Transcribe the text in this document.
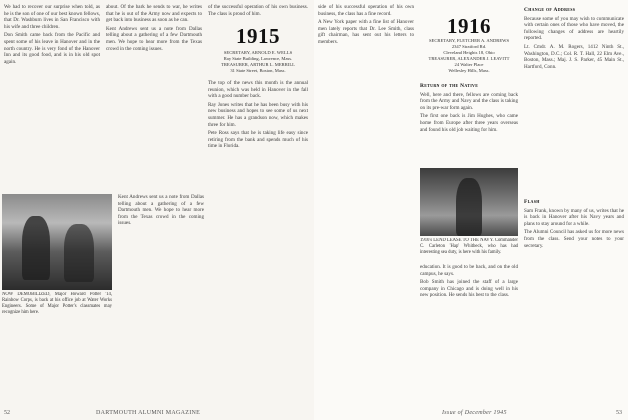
We had to recover our surprise when told, as he is the son of one of our best known fellows, that Dr. Washburn lives in San Francisco with his wife and three children.

Don Smith came back from the Pacific and spent some of his leave in Hanover and in the north country. He is very fond of the Hanover Inn and its good food, and is in his old spot again.

about. Of the bark he sends to war, he writes that he is out of the Army now and expects to get back into business as soon as he can.

Kent Andrews sent us a note from Dallas telling about a gathering of a few Dartmouth men. We hope to hear more from the Texas crowd in the coming issues.

of the successful operation of his own business. The class is proud of him.

1915
SECRETARY, ARNOLD E. WELLS
Ray State Building, Lawrence, Mass.
TREASURER, ARTHUR L. MERRILL
31 State Street, Boston, Mass.

The top of the news this month is the annual reunion, which was held in Hanover in the fall with a good number back.

Ray Jones writes that he has been busy with his new business and hopes to see some of us next summer. He has a grandson now, which makes three for him.

Pete Ross says that he is taking life easy since retiring from the bank and spends much of his time in Florida.

NOW DEMOBILIZED, Major Howard Potter '14, Rainbow Corps, is back at his office job at Water Works Engineers. Some of Major Potter's classmates may recognize him here.

Kent Andrews sent us a note from Dallas telling about a gathering of a few Dartmouth men. We hope to hear more from the Texas crowd in the coming issues.

DARTMOUTH ALUMNI MAGAZINE
52

side of his successful operation of his own business, the class has a fine record.

A New York paper with a fine list of Hanover men lately reports that Dr. Lee Smith, class gift chairman, has sent out his letters to members.

1916
SECRETARY, FLETCHER A. ANDREWS
2347 Stratford Rd.
Cleveland Heights 18, Ohio
TREASURER, ALEXANDER J. LEAVITT
24 Walter Place
Wellesley Hills, Mass.
Return of the Native

Well, here and there, fellows are coming back from the Army and Navy and the class is taking on its pre-war form again.

The first one back is Jim Hughes, who came home from Europe after three years overseas and found his old job waiting for him.

1916's LEND LEASE TO THE NAVY. Commander C. Carleton 'Hap' Whitbeck, who has had interesting sea duty, is here with his family.

education. It is good to be back, and on the old campus, he says.

Bob Smith has joined the staff of a large company in Chicago and is doing well in his new position. He sends his best to the class.

Change of Address

Because some of you may wish to communicate with certain ones of those who have moved, the following changes of address are heartily reported.

Lt. Cmdr. A. M. Rogers, 1412 Ninth St., Washington, D.C.; Col. R. T. Hall, 22 Elm Ave., Boston, Mass.; Maj. J. S. Parker, 45 Main St., Hartford, Conn.

Flash

Sam Frank, known by many of us, writes that he is back in Hanover after his Navy years and plans to stay around for a while.

The Alumni Council has asked us for more news from the class. Send your notes to your secretary.

Issue of December 1945	53
